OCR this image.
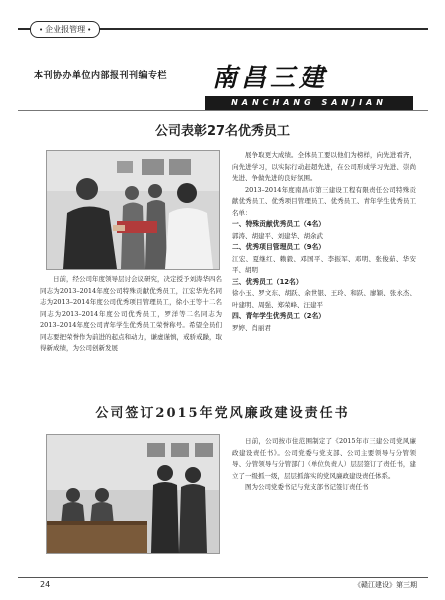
• 企业报管理 •
本刊协办单位内部报刊刊编专栏 南昌三建
NANCHANG SANJIAN
公司表彰27名优秀员工

日前，经公司年度领导层讨会议研究，决定授予刘涛华四名同志为2013–2014年度公司特殊贡献优秀员工，江宏华先名同志为2013–2014年度公司优秀项目管理员工，徐小王等十二名同志为2013–2014年度公司优秀员工，罗洋等二名同志为2013–2014年度公司青年学生优秀员工荣誉称号。希望全员们同志要把荣誉作为前进的起点和动力，谦虚谨慎，戒骄戒躁，取得新成绩，为公司创新发展

展争取更大成绩。全体员工要以他们为榜样，向先进看齐，向先进学习，以实际行动赶超先进，在公司形成学习先进、崇尚先进、争做先进的良好氛围。

2013–2014年度南昌市第三建设工程有限责任公司特殊贡献优秀员工、优秀项目管理员工、优秀员工、青年学生优秀员工名单：

一、特殊贡献优秀员工（4名）

郭涛、胡建平、刘建华、胡余武

二、优秀项目管理员工（9名）

江宏、夏继红、赖毅、邓国平、李振军、邓明、张俊茹、华安平、胡明

三、优秀员工（12名）

徐小玉、罗文东、胡跃、余世银、王玲、和跃、廖颖、张永杰、叶建明、周强、郑荣峰、汪建平

四、青年学生优秀员工（2名）

罗婷、肖丽君

公司签订2015年党风廉政建设责任书

日前，公司按市住范围制定了《2015年市三建公司党风廉政建设责任书》。公司党委与党支部、公司主要领导与分管领导、分管领导与分管部门（单位负责人）层层签订了责任书，建立了一级抓一级，层层抓落实的党风廉政建设责任体系。

图为公司党委书记与党支部书记签订责任书

24	《赣江建设》第三期
